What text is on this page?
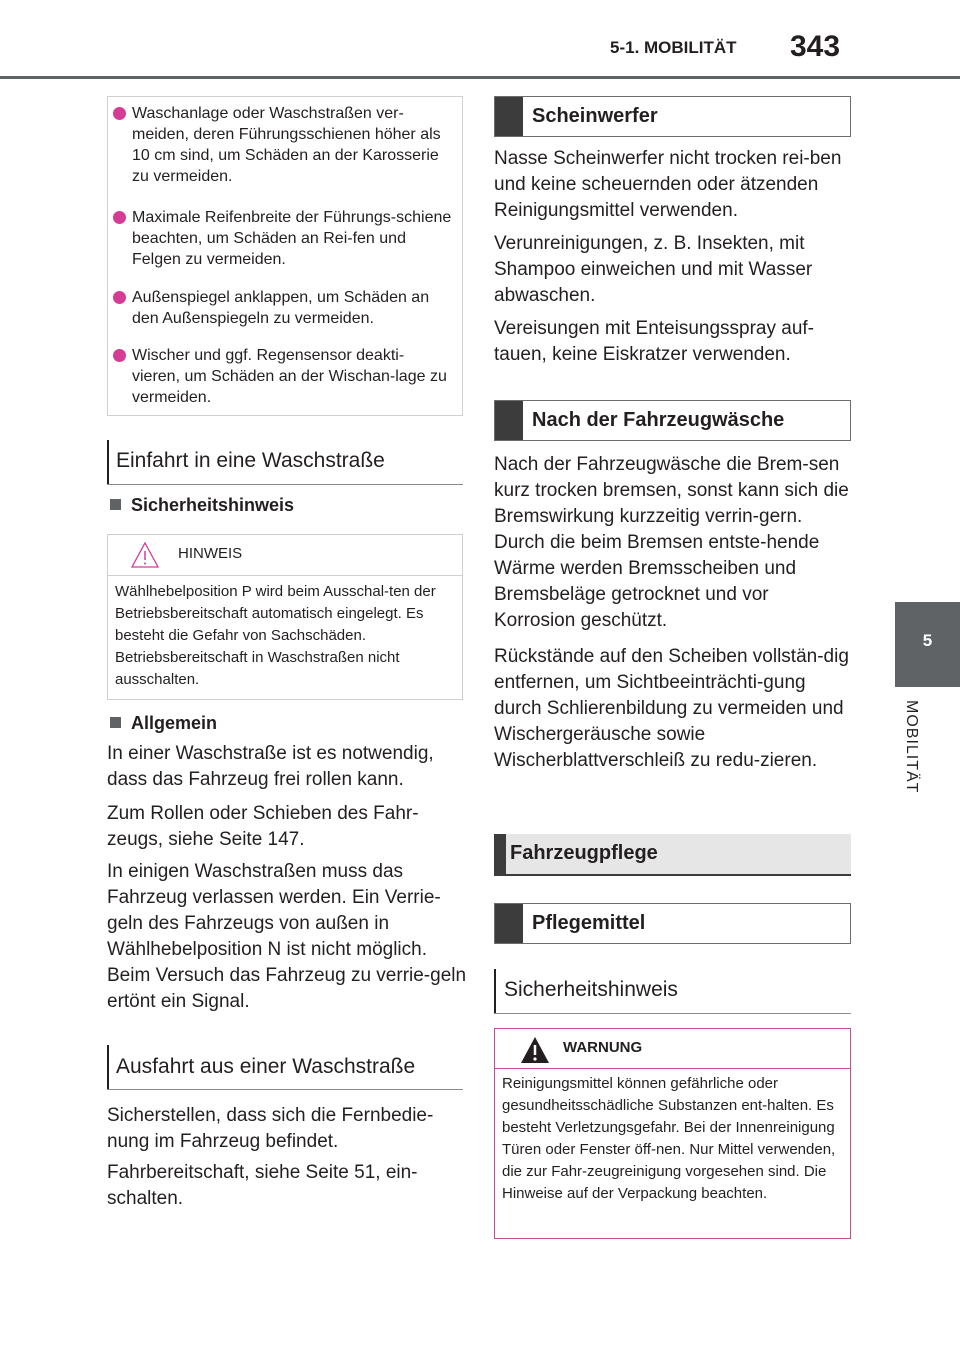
5-1. MOBILITÄT 343
5
MOBILITÄT
Waschanlage oder Waschstraßen ver-meiden, deren Führungsschienen höher als 10 cm sind, um Schäden an der Karosserie zu vermeiden.
Maximale Reifenbreite der Führungs-schiene beachten, um Schäden an Rei-fen und Felgen zu vermeiden.
Außenspiegel anklappen, um Schäden an den Außenspiegeln zu vermeiden.
Wischer und ggf. Regensensor deakti-vieren, um Schäden an der Wischan-lage zu vermeiden.
Einfahrt in eine Waschstraße
Sicherheitshinweis
HINWEIS
Wählhebelposition P wird beim Ausschal-ten der Betriebsbereitschaft automatisch eingelegt. Es besteht die Gefahr von Sachschäden. Betriebsbereitschaft in Waschstraßen nicht ausschalten.
Allgemein
In einer Waschstraße ist es notwendig, dass das Fahrzeug frei rollen kann.
Zum Rollen oder Schieben des Fahr-zeugs, siehe Seite 147.
In einigen Waschstraßen muss das Fahrzeug verlassen werden. Ein Verrie-geln des Fahrzeugs von außen in Wählhebelposition N ist nicht möglich. Beim Versuch das Fahrzeug zu verrie-geln ertönt ein Signal.
Ausfahrt aus einer Waschstraße
Sicherstellen, dass sich die Fernbedie-nung im Fahrzeug befindet.
Fahrbereitschaft, siehe Seite 51, ein-schalten.
Scheinwerfer
Nasse Scheinwerfer nicht trocken rei-ben und keine scheuernden oder ätzenden Reinigungsmittel verwenden.
Verunreinigungen, z. B. Insekten, mit Shampoo einweichen und mit Wasser abwaschen.
Vereisungen mit Enteisungsspray auf-tauen, keine Eiskratzer verwenden.
Nach der Fahrzeugwäsche
Nach der Fahrzeugwäsche die Brem-sen kurz trocken bremsen, sonst kann sich die Bremswirkung kurzzeitig verrin-gern. Durch die beim Bremsen entste-hende Wärme werden Bremsscheiben und Bremsbeläge getrocknet und vor Korrosion geschützt.
Rückstände auf den Scheiben vollstän-dig entfernen, um Sichtbeeinträchti-gung durch Schlierenbildung zu vermeiden und Wischergeräusche sowie Wischerblattverschleiß zu redu-zieren.
Fahrzeugpflege
Pflegemittel
Sicherheitshinweis
WARNUNG
Reinigungsmittel können gefährliche oder gesundheitsschädliche Substanzen ent-halten. Es besteht Verletzungsgefahr. Bei der Innenreinigung Türen oder Fenster öff-nen. Nur Mittel verwenden, die zur Fahr-zeugreinigung vorgesehen sind. Die Hinweise auf der Verpackung beachten.
